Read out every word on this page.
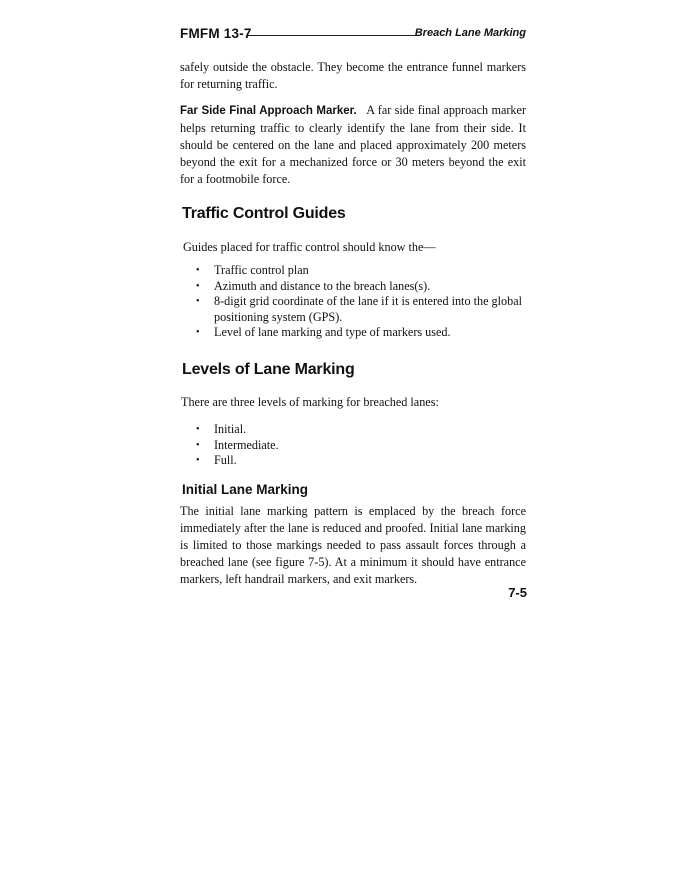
FMFM 13-7	Breach Lane Marking

safely outside the obstacle. They become the entrance funnel markers for returning traffic.

Far Side Final Approach Marker. A far side final approach marker helps returning traffic to clearly identify the lane from their side. It should be centered on the lane and placed approximately 200 meters beyond the exit for a mechanized force or 30 meters beyond the exit for a footmobile force.

Traffic Control Guides

Guides placed for traffic control should know the—

• Traffic control plan
• Azimuth and distance to the breach lanes(s).
• 8-digit grid coordinate of the lane if it is entered into the global positioning system (GPS).
• Level of lane marking and type of markers used.
Levels of Lane Marking

There are three levels of marking for breached lanes:

• Initial.
• Intermediate.
• Full.
Initial Lane Marking

The initial lane marking pattern is emplaced by the breach force immediately after the lane is reduced and proofed. Initial lane marking is limited to those markings needed to pass assault forces through a breached lane (see figure 7-5). At a minimum it should have entrance markers, left handrail markers, and exit markers.

7-5
